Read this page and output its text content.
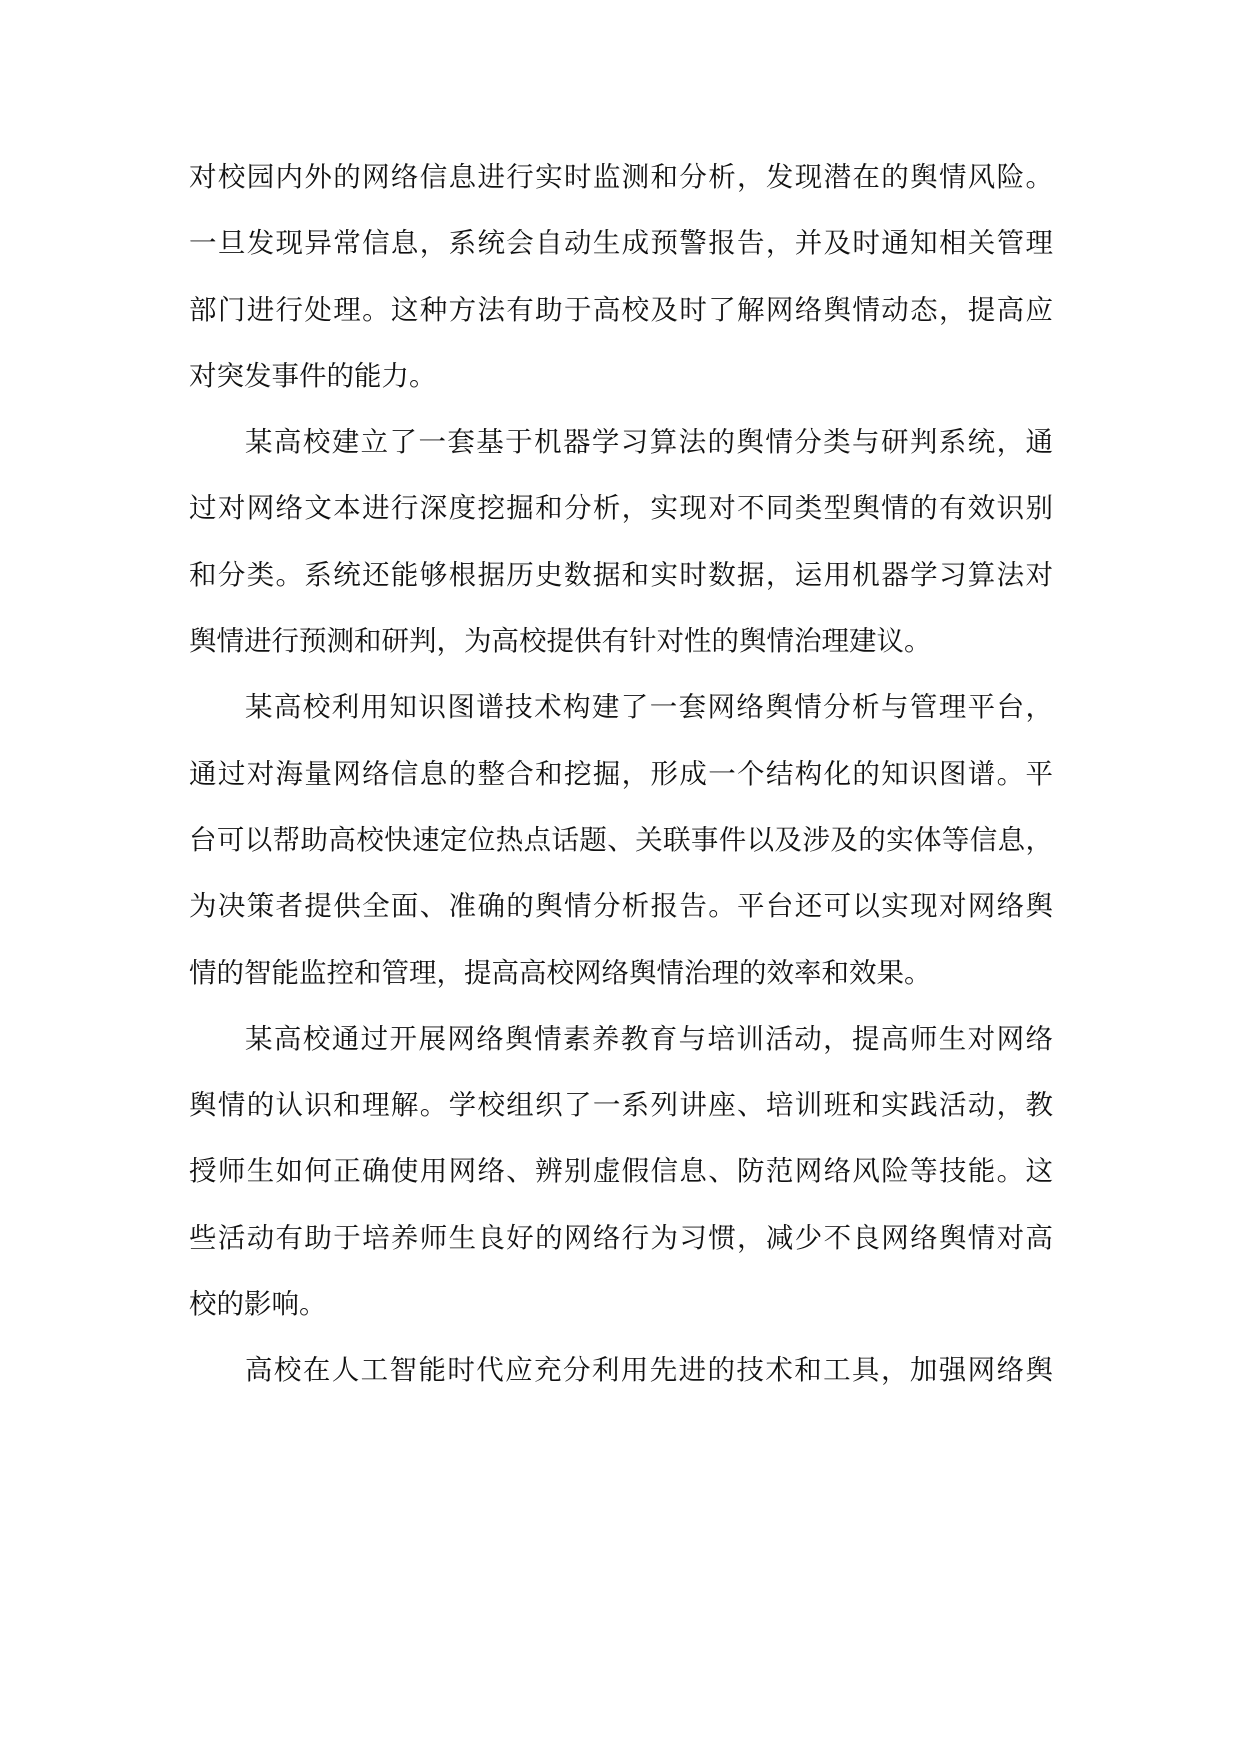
对校园内外的网络信息进行实时监测和分析，发现潜在的舆情风险。
一旦发现异常信息，系统会自动生成预警报告，并及时通知相关管理
部门进行处理。这种方法有助于高校及时了解网络舆情动态，提高应
对突发事件的能力。
某高校建立了一套基于机器学习算法的舆情分类与研判系统，通
过对网络文本进行深度挖掘和分析，实现对不同类型舆情的有效识别
和分类。系统还能够根据历史数据和实时数据，运用机器学习算法对
舆情进行预测和研判，为高校提供有针对性的舆情治理建议。
某高校利用知识图谱技术构建了一套网络舆情分析与管理平台，
通过对海量网络信息的整合和挖掘，形成一个结构化的知识图谱。平
台可以帮助高校快速定位热点话题、关联事件以及涉及的实体等信息，
为决策者提供全面、准确的舆情分析报告。平台还可以实现对网络舆
情的智能监控和管理，提高高校网络舆情治理的效率和效果。
某高校通过开展网络舆情素养教育与培训活动，提高师生对网络
舆情的认识和理解。学校组织了一系列讲座、培训班和实践活动，教
授师生如何正确使用网络、辨别虚假信息、防范网络风险等技能。这
些活动有助于培养师生良好的网络行为习惯，减少不良网络舆情对高
校的影响。
高校在人工智能时代应充分利用先进的技术和工具，加强网络舆
